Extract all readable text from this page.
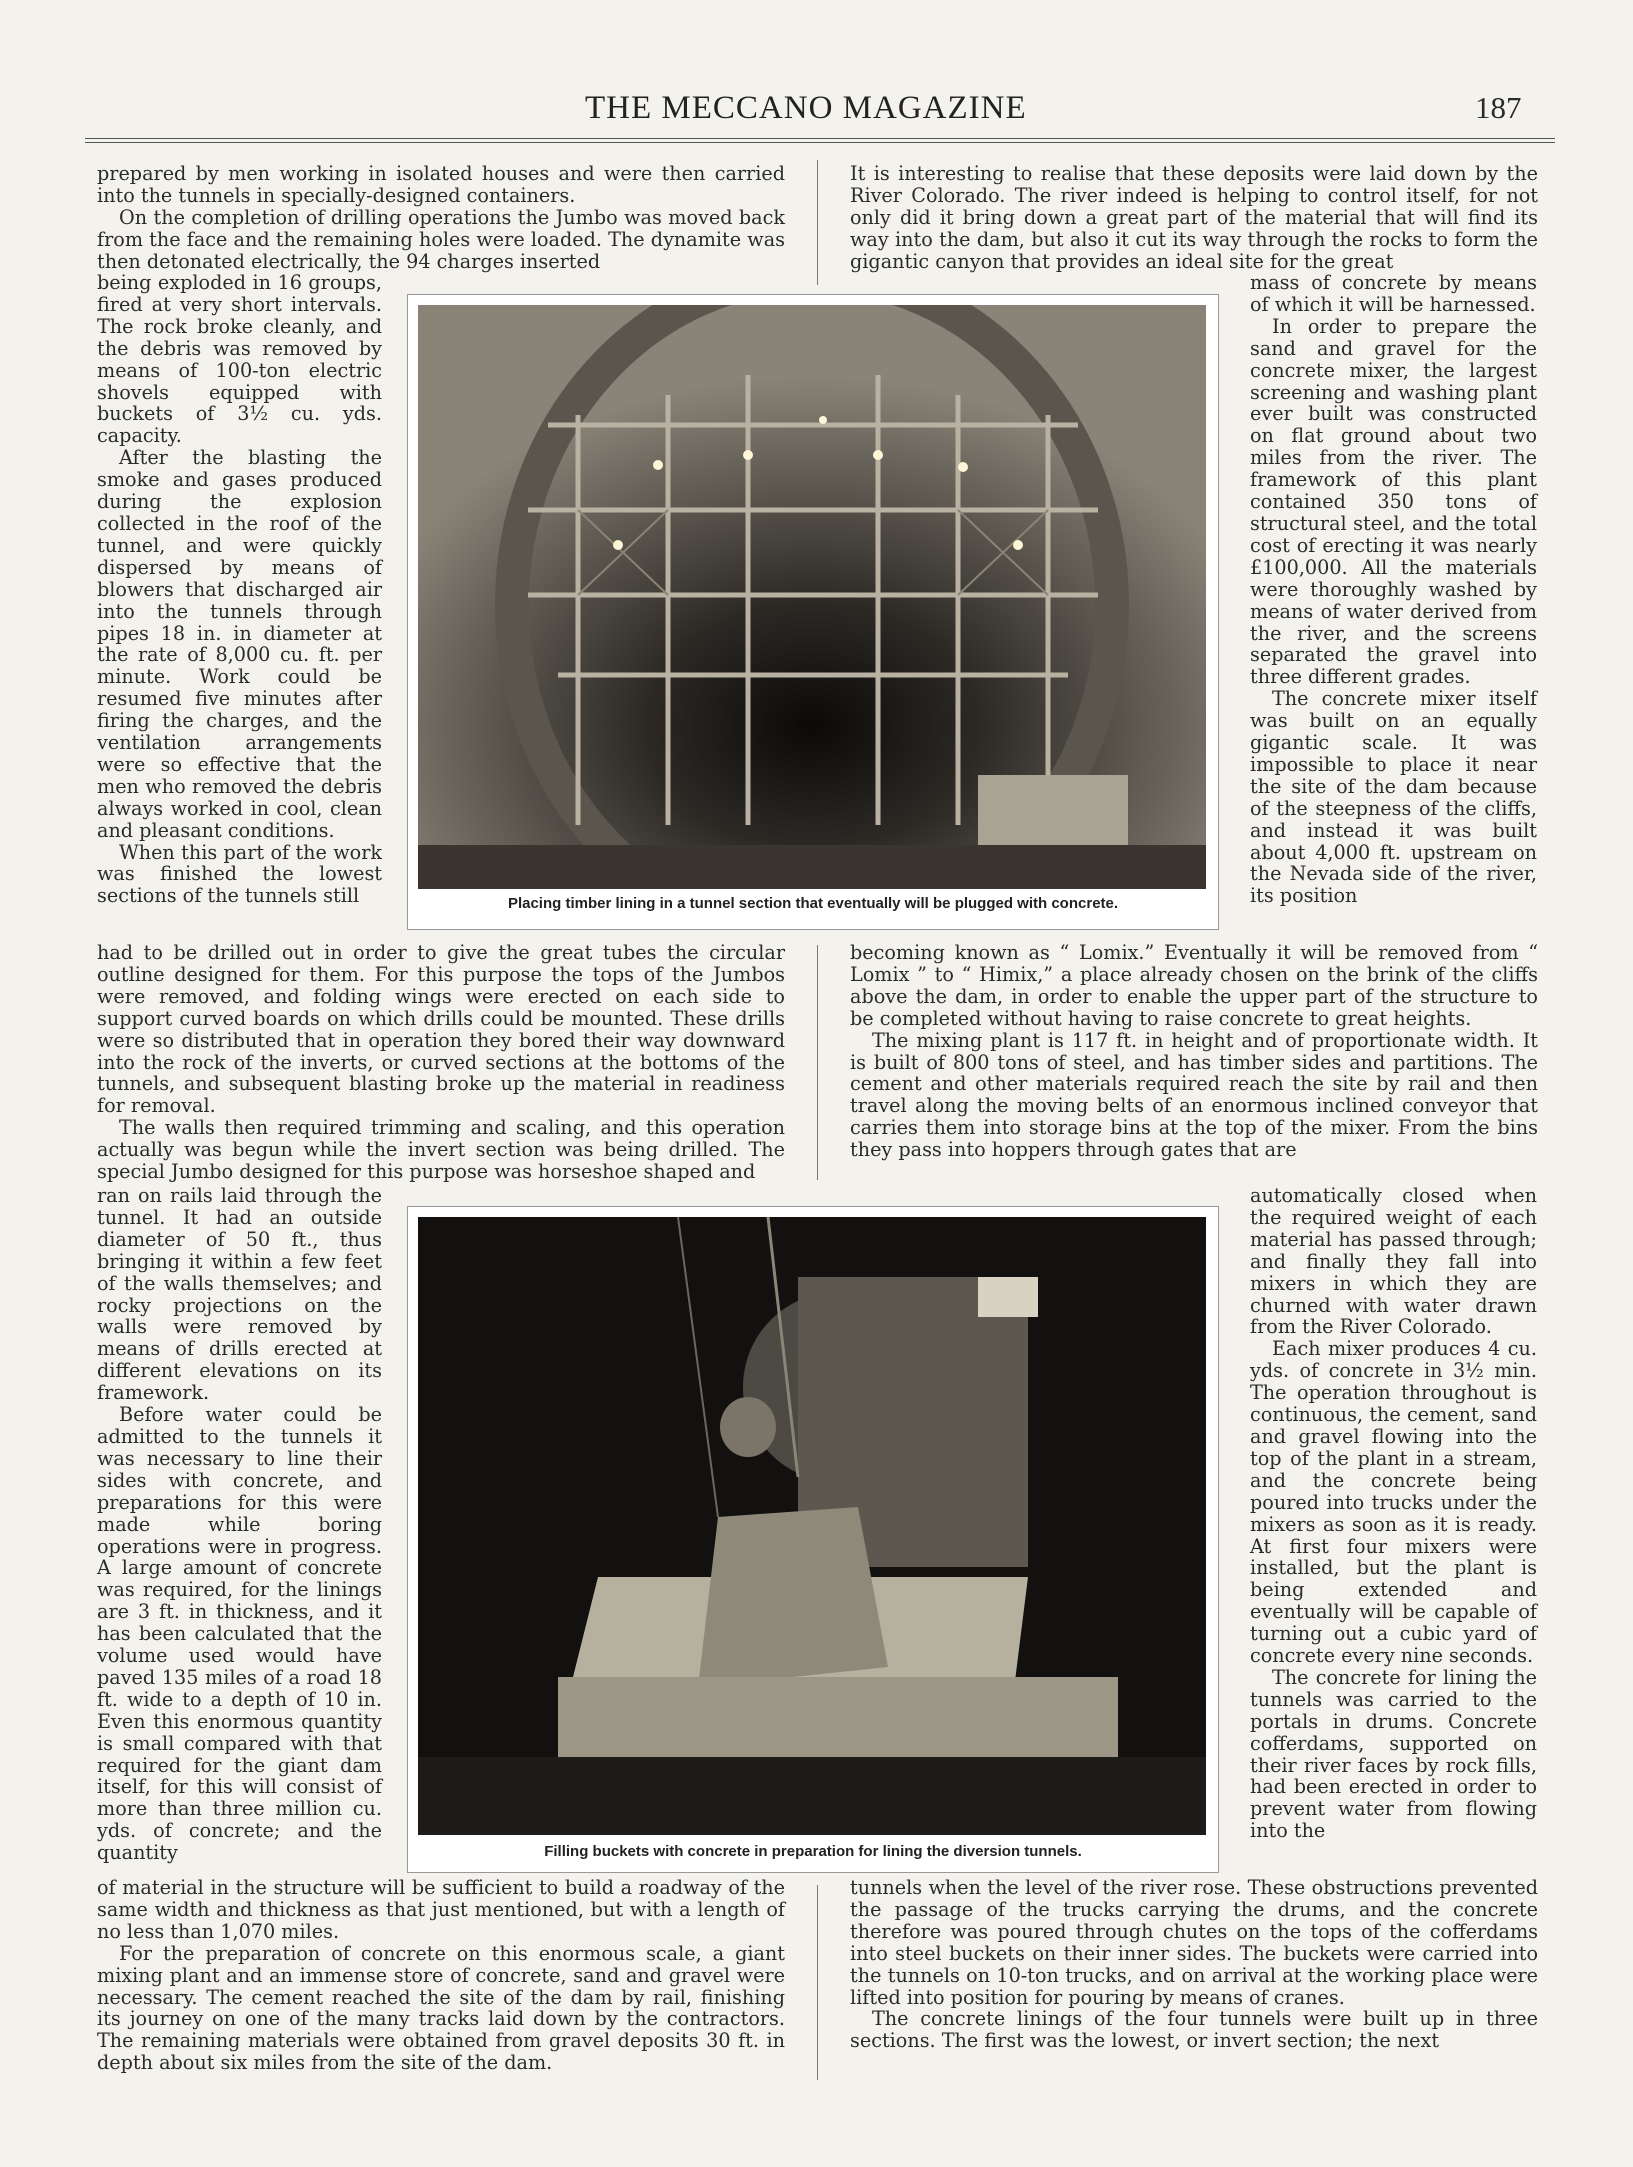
THE MECCANO MAGAZINE	187

prepared by men working in isolated houses and were then carried into the tunnels in specially-designed containers.

On the completion of drilling operations the Jumbo was moved back from the face and the remaining holes were loaded. The dynamite was then detonated electrically, the 94 charges inserted

being exploded in 16 groups, fired at very short intervals. The rock broke cleanly, and the debris was removed by means of 100-ton electric shovels equipped with buckets of 3½ cu. yds. capacity.

After the blasting the smoke and gases produced during the explosion collected in the roof of the tunnel, and were quickly dispersed by means of blowers that discharged air into the tunnels through pipes 18 in. in diameter at the rate of 8,000 cu. ft. per minute. Work could be resumed five minutes after firing the charges, and the ventilation arrangements were so effective that the men who removed the debris always worked in cool, clean and pleasant conditions.

When this part of the work was finished the lowest sections of the tunnels still

had to be drilled out in order to give the great tubes the circular outline designed for them. For this purpose the tops of the Jumbos were removed, and folding wings were erected on each side to support curved boards on which drills could be mounted. These drills were so distributed that in operation they bored their way downward into the rock of the inverts, or curved sections at the bottoms of the tunnels, and subsequent blasting broke up the material in readiness for removal.

The walls then required trimming and scaling, and this operation actually was begun while the invert section was being drilled. The special Jumbo designed for this purpose was horseshoe shaped and

ran on rails laid through the tunnel. It had an outside diameter of 50 ft., thus bringing it within a few feet of the walls themselves; and rocky projections on the walls were removed by means of drills erected at different elevations on its framework.

Before water could be admitted to the tunnels it was necessary to line their sides with concrete, and preparations for this were made while boring operations were in progress. A large amount of concrete was required, for the linings are 3 ft. in thickness, and it has been calculated that the volume used would have paved 135 miles of a road 18 ft. wide to a depth of 10 in. Even this enormous quantity is small compared with that required for the giant dam itself, for this will consist of more than three million cu. yds. of concrete; and the quantity

of material in the structure will be sufficient to build a roadway of the same width and thickness as that just mentioned, but with a length of no less than 1,070 miles.

For the preparation of concrete on this enormous scale, a giant mixing plant and an immense store of concrete, sand and gravel were necessary. The cement reached the site of the dam by rail, finishing its journey on one of the many tracks laid down by the contractors. The remaining materials were obtained from gravel deposits 30 ft. in depth about six miles from the site of the dam.

It is interesting to realise that these deposits were laid down by the River Colorado. The river indeed is helping to control itself, for not only did it bring down a great part of the material that will find its way into the dam, but also it cut its way through the rocks to form the gigantic canyon that provides an ideal site for the great

mass of concrete by means of which it will be harnessed.

In order to prepare the sand and gravel for the concrete mixer, the largest screening and washing plant ever built was constructed on flat ground about two miles from the river. The framework of this plant contained 350 tons of structural steel, and the total cost of erecting it was nearly £100,000. All the materials were thoroughly washed by means of water derived from the river, and the screens separated the gravel into three different grades.

The concrete mixer itself was built on an equally gigantic scale. It was impossible to place it near the site of the dam because of the steepness of the cliffs, and instead it was built about 4,000 ft. upstream on the Nevada side of the river, its position

becoming known as “ Lomix.” Eventually it will be removed from “ Lomix ” to “ Himix,” a place already chosen on the brink of the cliffs above the dam, in order to enable the upper part of the structure to be completed without having to raise concrete to great heights.

The mixing plant is 117 ft. in height and of proportionate width. It is built of 800 tons of steel, and has timber sides and partitions. The cement and other materials required reach the site by rail and then travel along the moving belts of an enormous inclined conveyor that carries them into storage bins at the top of the mixer. From the bins they pass into hoppers through gates that are

automatically closed when the required weight of each material has passed through; and finally they fall into mixers in which they are churned with water drawn from the River Colorado.

Each mixer produces 4 cu. yds. of concrete in 3½ min. The operation throughout is continuous, the cement, sand and gravel flowing into the top of the plant in a stream, and the concrete being poured into trucks under the mixers as soon as it is ready. At first four mixers were installed, but the plant is being extended and eventually will be capable of turning out a cubic yard of concrete every nine seconds.

The concrete for lining the tunnels was carried to the portals in drums. Concrete cofferdams, supported on their river faces by rock fills, had been erected in order to prevent water from flowing into the

tunnels when the level of the river rose. These obstructions prevented the passage of the trucks carrying the drums, and the concrete therefore was poured through chutes on the tops of the cofferdams into steel buckets on their inner sides. The buckets were carried into the tunnels on 10-ton trucks, and on arrival at the working place were lifted into position for pouring by means of cranes.

The concrete linings of the four tunnels were built up in three sections. The first was the lowest, or invert section; the next

Placing timber lining in a tunnel section that eventually will be plugged with concrete.
Filling buckets with concrete in preparation for lining the diversion tunnels.
